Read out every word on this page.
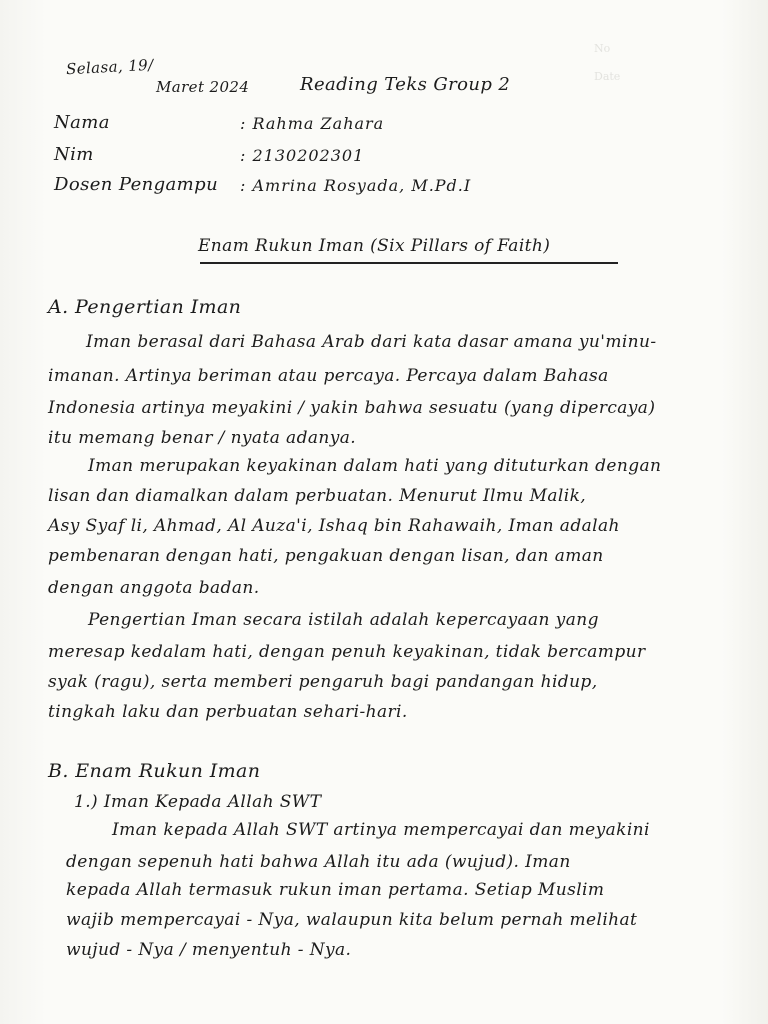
No
Date
Selasa, 19/
Maret 2024	Reading Teks Group 2
Nama	: Rahma Zahara
Nim	: 2130202301
Dosen Pengampu : Amrina Rosyada, M.Pd.I
Enam Rukun Iman (Six Pillars of Faith)
A. Pengertian Iman
Iman berasal dari Bahasa Arab dari kata dasar amana yu'minu-
imanan. Artinya beriman atau percaya. Percaya dalam Bahasa
Indonesia artinya meyakini / yakin bahwa sesuatu (yang dipercaya)
itu memang benar / nyata adanya.
Iman merupakan keyakinan dalam hati yang dituturkan dengan
lisan dan diamalkan dalam perbuatan. Menurut Ilmu Malik,
Asy Syaf li, Ahmad, Al Auza'i, Ishaq bin Rahawaih, Iman adalah
pembenaran dengan hati, pengakuan dengan lisan, dan aman
dengan anggota badan.
Pengertian Iman secara istilah adalah kepercayaan yang
meresap kedalam hati, dengan penuh keyakinan, tidak bercampur
syak (ragu), serta memberi pengaruh bagi pandangan hidup,
tingkah laku dan perbuatan sehari-hari.
B. Enam Rukun Iman
1.) Iman Kepada Allah SWT
Iman kepada Allah SWT artinya mempercayai dan meyakini
dengan sepenuh hati bahwa Allah itu ada (wujud). Iman
kepada Allah termasuk rukun iman pertama. Setiap Muslim
wajib mempercayai - Nya, walaupun kita belum pernah melihat
wujud - Nya / menyentuh - Nya.
